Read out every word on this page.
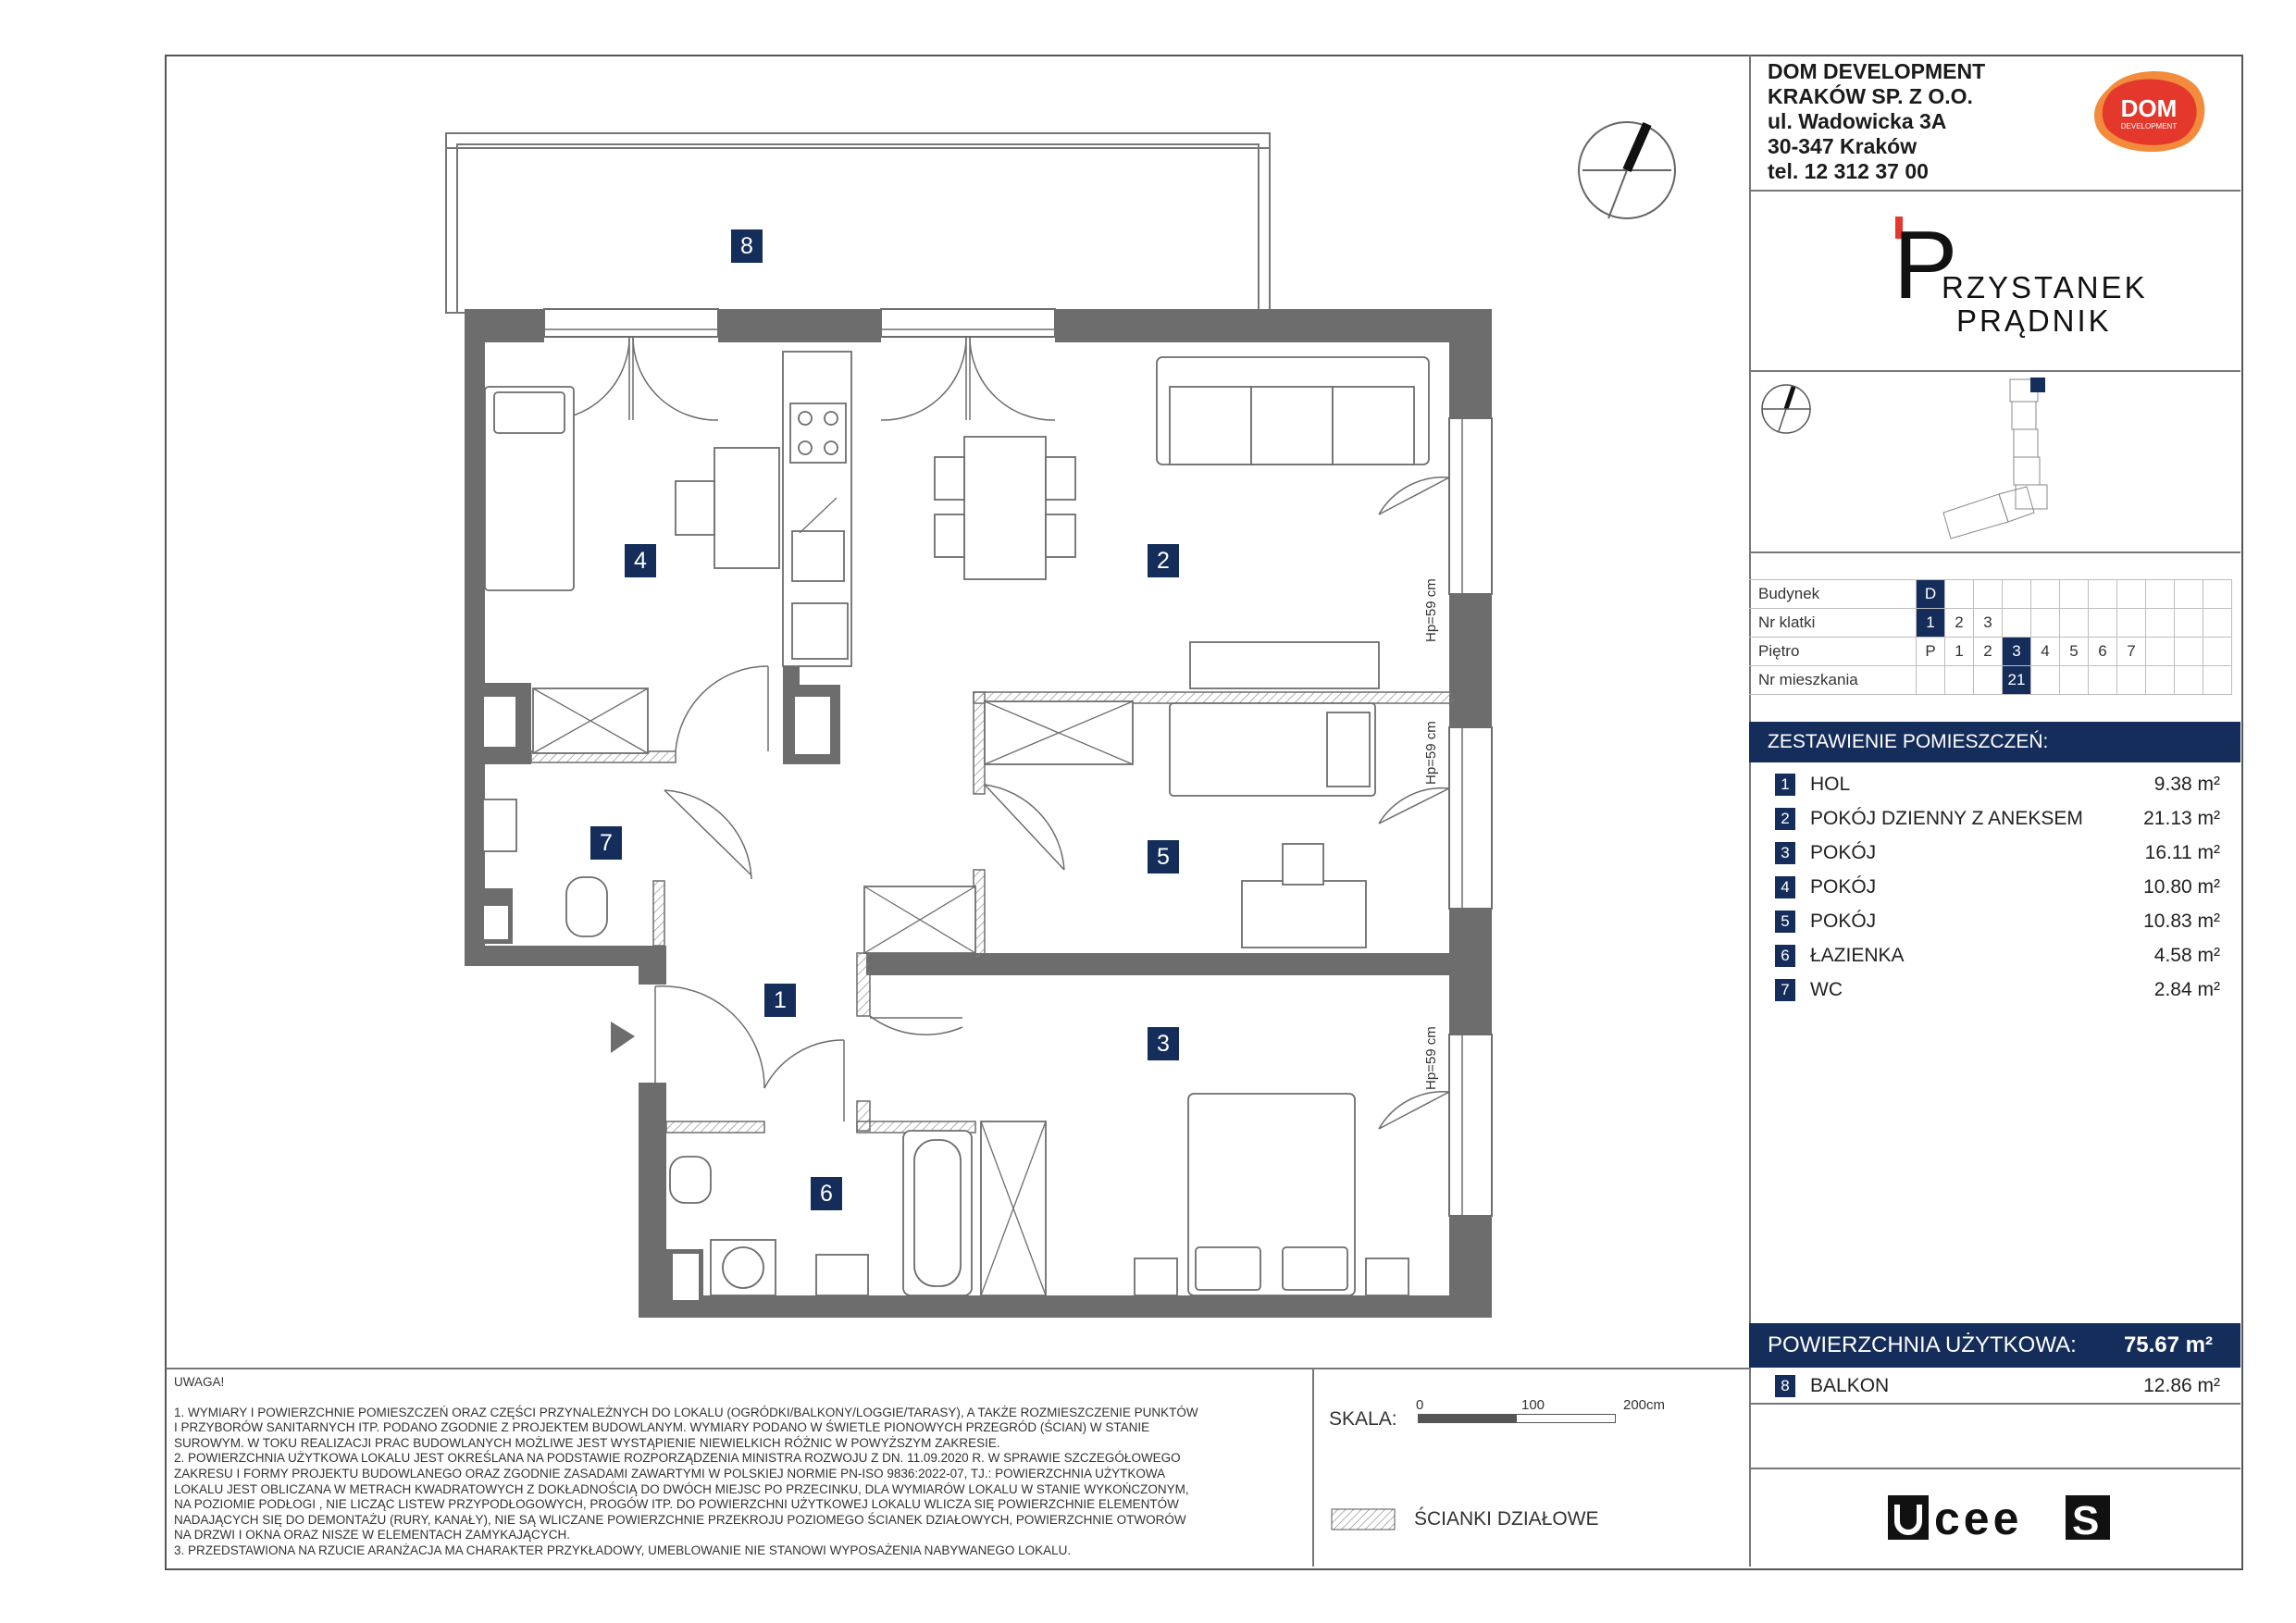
DOM DEVELOPMENT
KRAKÓW SP. Z O.O.
ul. Wadowicka 3A
30-347 Kraków
tel. 12 312 37 00
DOM
DEVELOPMENT
P
RZYSTANEK
PRĄDNIK
Budynek	D										
Nr klatki	1	2	3								
Piętro	P	1	2	3	4	5	6	7			
Nr mieszkania				21							
ZESTAWIENIE POMIESZCZEŃ:
1 HOL	9.38 m²
2 POKÓJ DZIENNY Z ANEKSEM	21.13 m²
3 POKÓJ	16.11 m²
4 POKÓJ	10.80 m²
5 POKÓJ	10.83 m²
6 ŁAZIENKA	4.58 m²
7 WC	2.84 m²
POWIERZCHNIA UŻYTKOWA: 75.67 m²
8 BALKON	12.86 m²
cee S

UWAGA!

1. WYMIARY I POWIERZCHNIE POMIESZCZEŃ ORAZ CZĘŚCI PRZYNALEŻNYCH DO LOKALU (OGRÓDKI/BALKONY/LOGGIE/TARASY), A TAKŻE ROZMIESZCZENIE PUNKTÓW

I PRZYBORÓW SANITARNYCH ITP. PODANO ZGODNIE Z PROJEKTEM BUDOWLANYM. WYMIARY PODANO W ŚWIETLE PIONOWYCH PRZEGRÓD (ŚCIAN) W STANIE

SUROWYM. W TOKU REALIZACJI PRAC BUDOWLANYCH MOŻLIWE JEST WYSTĄPIENIE NIEWIELKICH RÓŻNIC W POWYŻSZYM ZAKRESIE.

2. POWIERZCHNIA UŻYTKOWA LOKALU JEST OKREŚLANA NA PODSTAWIE ROZPORZĄDZENIA MINISTRA ROZWOJU Z DN. 11.09.2020 R. W SPRAWIE SZCZEGÓŁOWEGO

ZAKRESU I FORMY PROJEKTU BUDOWLANEGO ORAZ ZGODNIE ZASADAMI ZAWARTYMI W POLSKIEJ NORMIE PN-ISO 9836:2022-07, TJ.: POWIERZCHNIA UŻYTKOWA

LOKALU JEST OBLICZANA W METRACH KWADRATOWYCH Z DOKŁADNOŚCIĄ DO DWÓCH MIEJSC PO PRZECINKU, DLA WYMIARÓW LOKALU W STANIE WYKOŃCZONYM,

NA POZIOMIE PODŁOGI , NIE LICZĄC LISTEW PRZYPODŁOGOWYCH, PROGÓW ITP. DO POWIERZCHNI UŻYTKOWEJ LOKALU WLICZA SIĘ POWIERZCHNIE ELEMENTÓW

NADAJĄCYCH SIĘ DO DEMONTAŻU (RURY, KANAŁY), NIE SĄ WLICZANE POWIERZCHNIE PRZEKROJU POZIOMEGO ŚCIANEK DZIAŁOWYCH, POWIERZCHNIE OTWORÓW

NA DRZWI I OKNA ORAZ NISZE W ELEMENTACH ZAMYKAJĄCYCH.

3. PRZEDSTAWIONA NA RZUCIE ARANŻACJA MA CHARAKTER PRZYKŁADOWY, UMEBLOWANIE NIE STANOWI WYPOSAŻENIA NABYWANEGO LOKALU.

SKALA:
0	100	200cm
ŚCIANKI DZIAŁOWE
8
4	2
7
5
1
3
6
Hp=59 cm
Hp=59 cm
Hp=59 cm
